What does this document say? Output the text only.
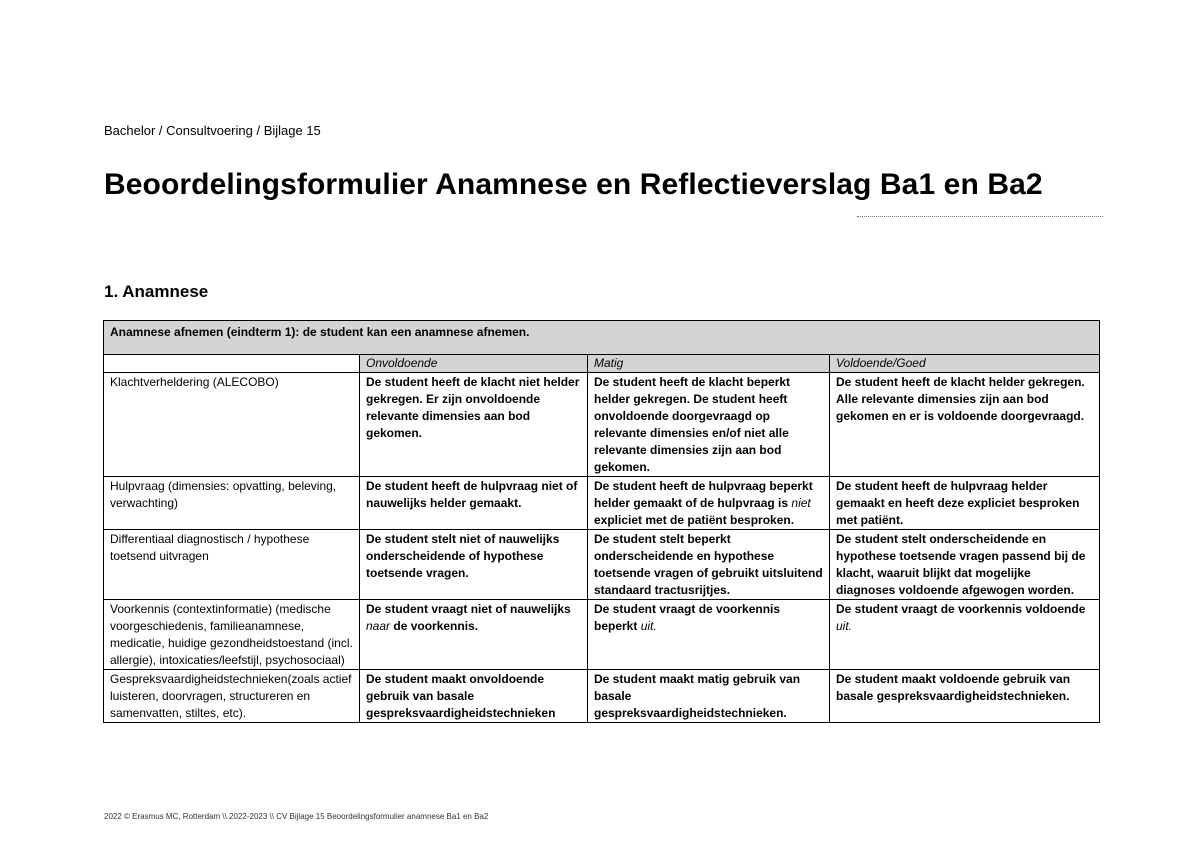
Bachelor / Consultvoering / Bijlage 15
Beoordelingsformulier Anamnese en Reflectieverslag Ba1 en Ba2
1. Anamnese
Anamnese afnemen (eindterm 1): de student kan een anamnese afnemen.			
	Onvoldoende	Matig	Voldoende/Goed
Klachtverheldering (ALECOBO)	De student heeft de klacht niet helder gekregen. Er zijn onvoldoende relevante dimensies aan bod gekomen.	De student heeft de klacht beperkt helder gekregen. De student heeft onvoldoende doorgevraagd op relevante dimensies en/of niet alle relevante dimensies zijn aan bod gekomen.	De student heeft de klacht helder gekregen. Alle relevante dimensies zijn aan bod gekomen en er is voldoende doorgevraagd.
Hulpvraag (dimensies: opvatting, beleving, verwachting)	De student heeft de hulpvraag niet of nauwelijks helder gemaakt.	De student heeft de hulpvraag beperkt helder gemaakt of de hulpvraag is niet expliciet met de patiënt besproken.	De student heeft de hulpvraag helder gemaakt en heeft deze expliciet besproken met patiënt.
Differentiaal diagnostisch / hypothese toetsend uitvragen	De student stelt niet of nauwelijks onderscheidende of hypothese toetsende vragen.	De student stelt beperkt onderscheidende en hypothese toetsende vragen of gebruikt uitsluitend standaard tractusrijtjes.	De student stelt onderscheidende en hypothese toetsende vragen passend bij de klacht, waaruit blijkt dat mogelijke diagnoses voldoende afgewogen worden.
Voorkennis (contextinformatie) (medische voorgeschiedenis, familieanamnese, medicatie, huidige gezondheidstoestand (incl. allergie), intoxicaties/leefstijl, psychosociaal)	De student vraagt niet of nauwelijks naar de voorkennis.	De student vraagt de voorkennis beperkt uit.	De student vraagt de voorkennis voldoende uit.
Gespreksvaardigheidstechnieken(zoals actief luisteren, doorvragen, structureren en samenvatten, stiltes, etc).	De student maakt onvoldoende gebruik van basale gespreksvaardigheidstechnieken	De student maakt matig gebruik van basale gespreksvaardigheidstechnieken.	De student maakt voldoende gebruik van basale gespreksvaardigheidstechnieken.
2022 © Erasmus MC, Rotterdam \\ 2022-2023 \\ CV Bijlage 15 Beoordelingsformulier anamnese Ba1 en Ba2
